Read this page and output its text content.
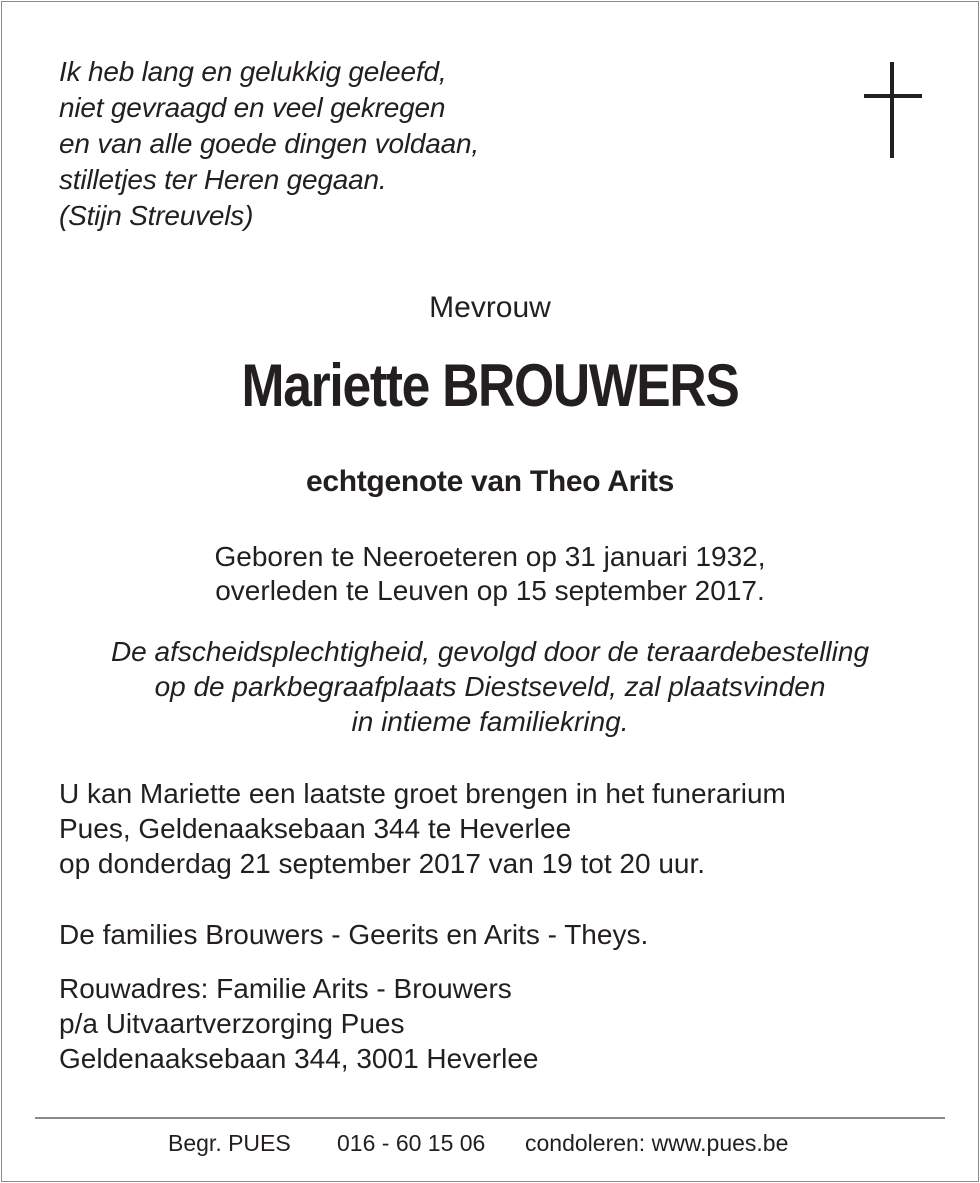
Ik heb lang en gelukkig geleefd,
niet gevraagd en veel gekregen
en van alle goede dingen voldaan,
stilletjes ter Heren gegaan.
(Stijn Streuvels)
Mevrouw
Mariette BROUWERS
echtgenote van Theo Arits
Geboren te Neeroeteren op 31 januari 1932,
overleden te Leuven op 15 september 2017.
De afscheidsplechtigheid, gevolgd door de teraardebestelling
op de parkbegraafplaats Diestseveld, zal plaatsvinden
in intieme familiekring.
U kan Mariette een laatste groet brengen in het funerarium
Pues, Geldenaaksebaan 344 te Heverlee
op donderdag 21 september 2017 van 19 tot 20 uur.
De families Brouwers - Geerits en Arits - Theys.
Rouwadres: Familie Arits - Brouwers
p/a Uitvaartverzorging Pues
Geldenaaksebaan 344, 3001 Heverlee
Begr. PUES 016 - 60 15 06 condoleren: www.pues.be
